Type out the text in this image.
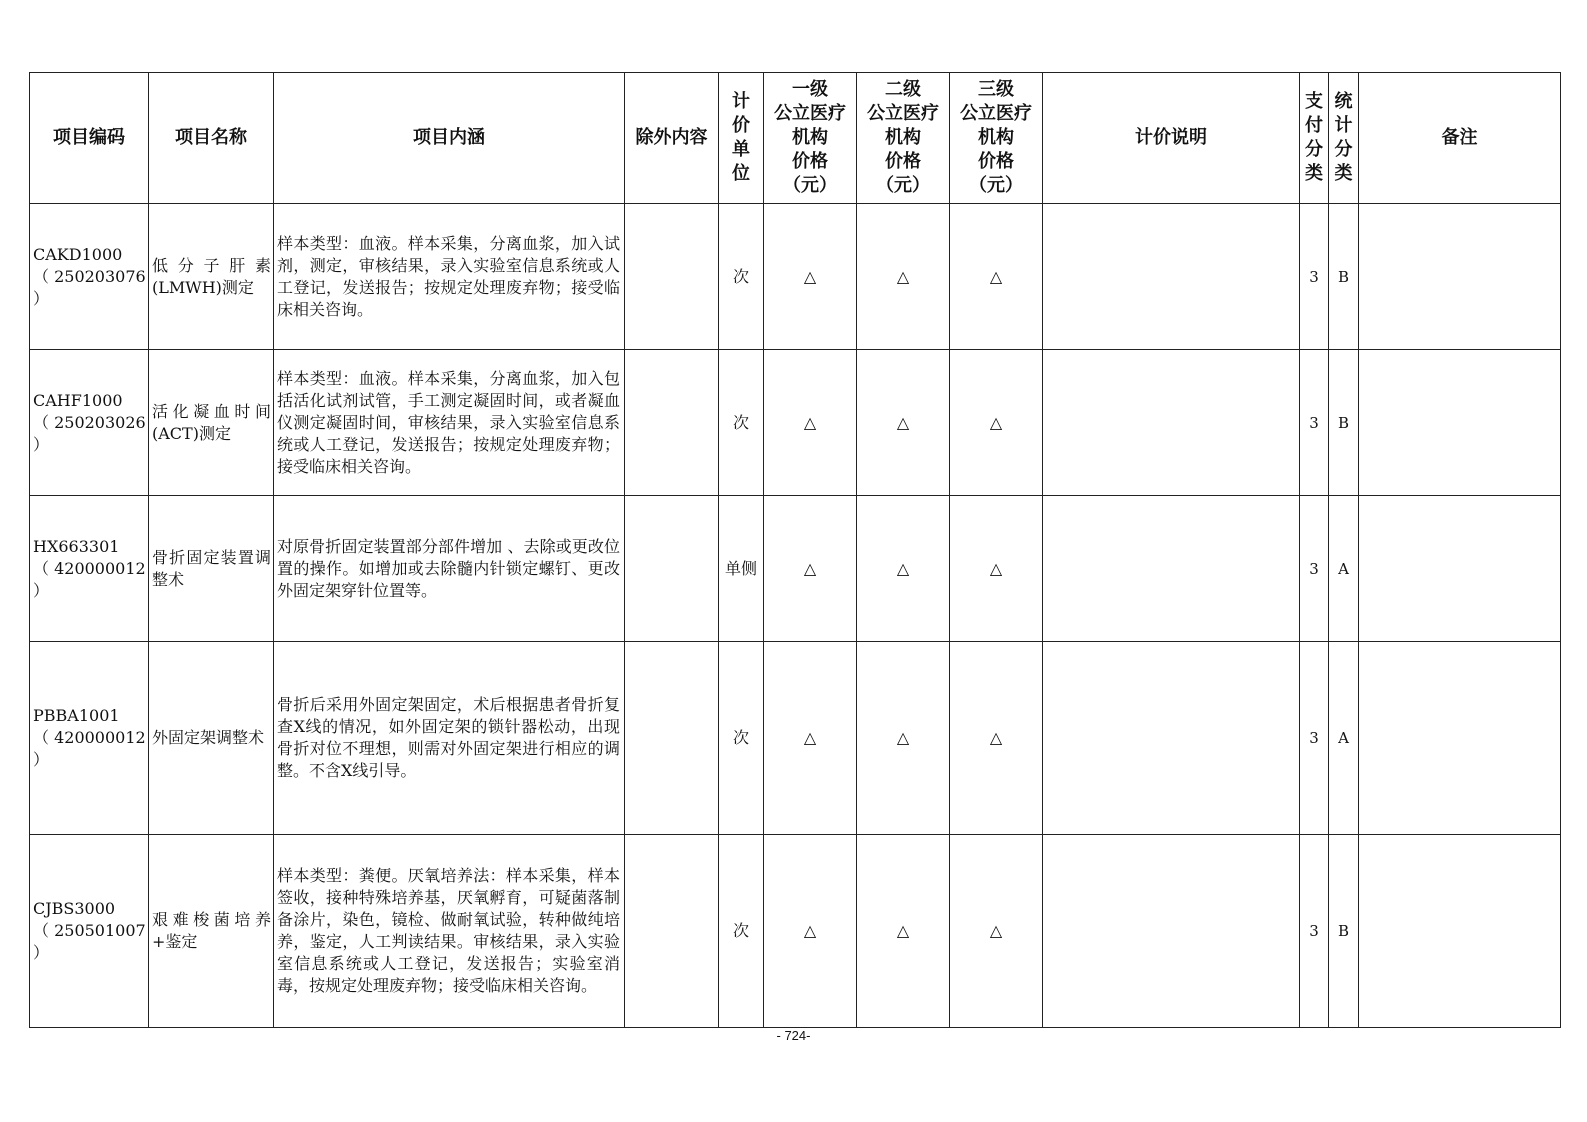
项目编码	项目名称	项目内涵	除外内容	计
价
单
位	一级
公立医疗
机构
价格
（元）	二级
公立医疗
机构
价格
（元）	三级
公立医疗
机构
价格
（元）	计价说明	支
付
分
类	统
计
分
类	备注

CAKD1000
（ 250203076
）	低分子肝素(LMWH)测定	样本类型：血液。样本采集，分离血浆，加入试剂，测定，审核结果，录入实验室信息系统或人工登记，发送报告；按规定处理废弃物；接受临床相关咨询。		次	△	△	△		3	B	

CAHF1000
（ 250203026
）	活化凝血时间(ACT)测定	样本类型：血液。样本采集，分离血浆，加入包括活化试剂试管，手工测定凝固时间，或者凝血仪测定凝固时间，审核结果，录入实验室信息系统或人工登记，发送报告；按规定处理废弃物；接受临床相关咨询。		次	△	△	△		3	B	

HX663301
（ 420000012
）	骨折固定装置调整术	对原骨折固定装置部分部件增加 、去除或更改位置的操作。如增加或去除髓内针锁定螺钉、更改外固定架穿针位置等。		单侧	△	△	△		3	A	

PBBA1001
（ 420000012
）	外固定架调整术	骨折后采用外固定架固定，术后根据患者骨折复查X线的情况，如外固定架的锁针器松动，出现骨折对位不理想，则需对外固定架进行相应的调整。不含X线引导。		次	△	△	△		3	A	

CJBS3000
（ 250501007
）	艰难梭菌培养+鉴定	样本类型：粪便。厌氧培养法：样本采集，样本签收，接种特殊培养基，厌氧孵育，可疑菌落制备涂片，染色，镜检、做耐氧试验，转种做纯培养，鉴定，人工判读结果。审核结果，录入实验室信息系统或人工登记，发送报告；实验室消毒，按规定处理废弃物；接受临床相关咨询。		次	△	△	△		3	B	
- 724-
